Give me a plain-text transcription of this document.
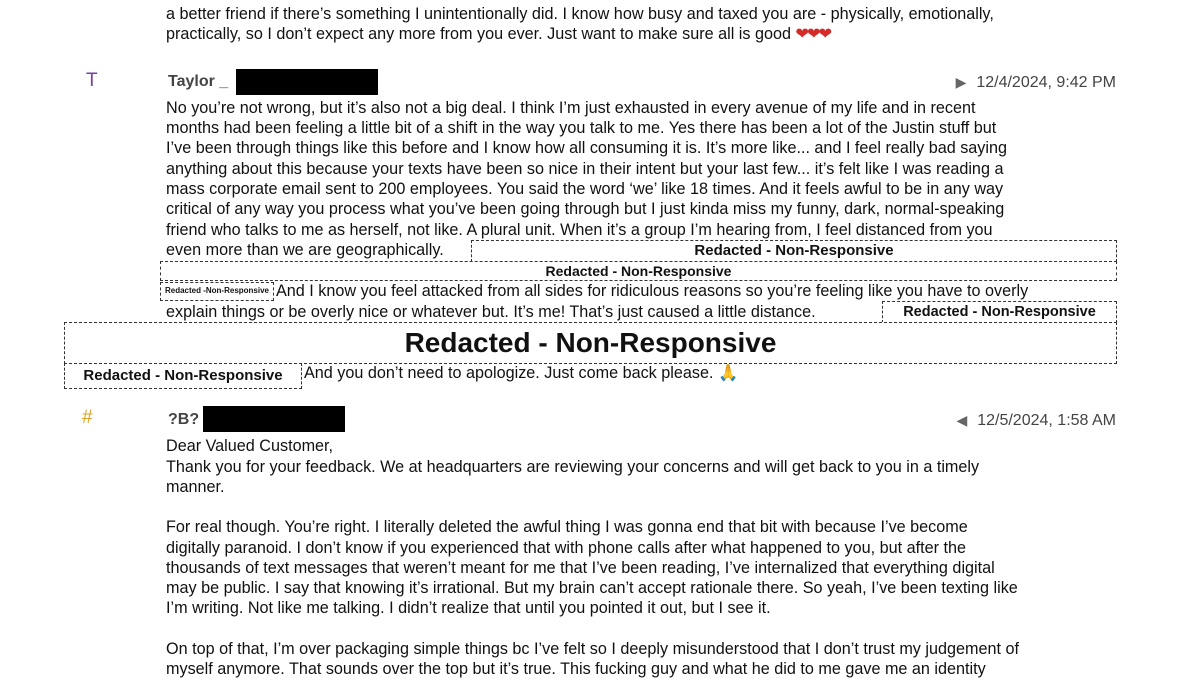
a better friend if there’s something I unintentionally did. I know how busy and taxed you are - physically, emotionally,
practically, so I don’t expect any more from you ever. Just want to make sure all is good ❤❤❤
T	Taylor _	▶ 12/4/2024, 9:42 PM
No you’re not wrong, but it’s also not a big deal. I think I’m just exhausted in every avenue of my life and in recent
months had been feeling a little bit of a shift in the way you talk to me. Yes there has been a lot of the Justin stuff but
I’ve been through things like this before and I know how all consuming it is. It’s more like... and I feel really bad saying
anything about this because your texts have been so nice in their intent but your last few... it’s felt like I was reading a
mass corporate email sent to 200 employees. You said the word ‘we’ like 18 times. And it feels awful to be in any way
critical of any way you process what you’ve been going through but I just kinda miss my funny, dark, normal-speaking
friend who talks to me as herself, not like. A plural unit. When it’s a group I’m hearing from, I feel distanced from you
even more than we are geographically.	Redacted - Non-Responsive
Redacted - Non-Responsive
Redacted -Non-Responsive And I know you feel attacked from all sides for ridiculous reasons so you’re feeling like you have to overly
explain things or be overly nice or whatever but. It’s me! That’s just caused a little distance.	Redacted - Non-Responsive
Redacted - Non-Responsive
Redacted - Non-Responsive	And you don’t need to apologize. Just come back please. 🙏
#	?B?	◀ 12/5/2024, 1:58 AM
Dear Valued Customer,
Thank you for your feedback. We at headquarters are reviewing your concerns and will get back to you in a timely
manner.
For real though. You’re right. I literally deleted the awful thing I was gonna end that bit with because I’ve become
digitally paranoid. I don’t know if you experienced that with phone calls after what happened to you, but after the
thousands of text messages that weren’t meant for me that I’ve been reading, I’ve internalized that everything digital
may be public. I say that knowing it’s irrational. But my brain can’t accept rationale there. So yeah, I’ve been texting like
I’m writing. Not like me talking. I didn’t realize that until you pointed it out, but I see it.
On top of that, I’m over packaging simple things bc I’ve felt so I deeply misunderstood that I don’t trust my judgement of
myself anymore. That sounds over the top but it’s true. This fucking guy and what he did to me gave me an identity
